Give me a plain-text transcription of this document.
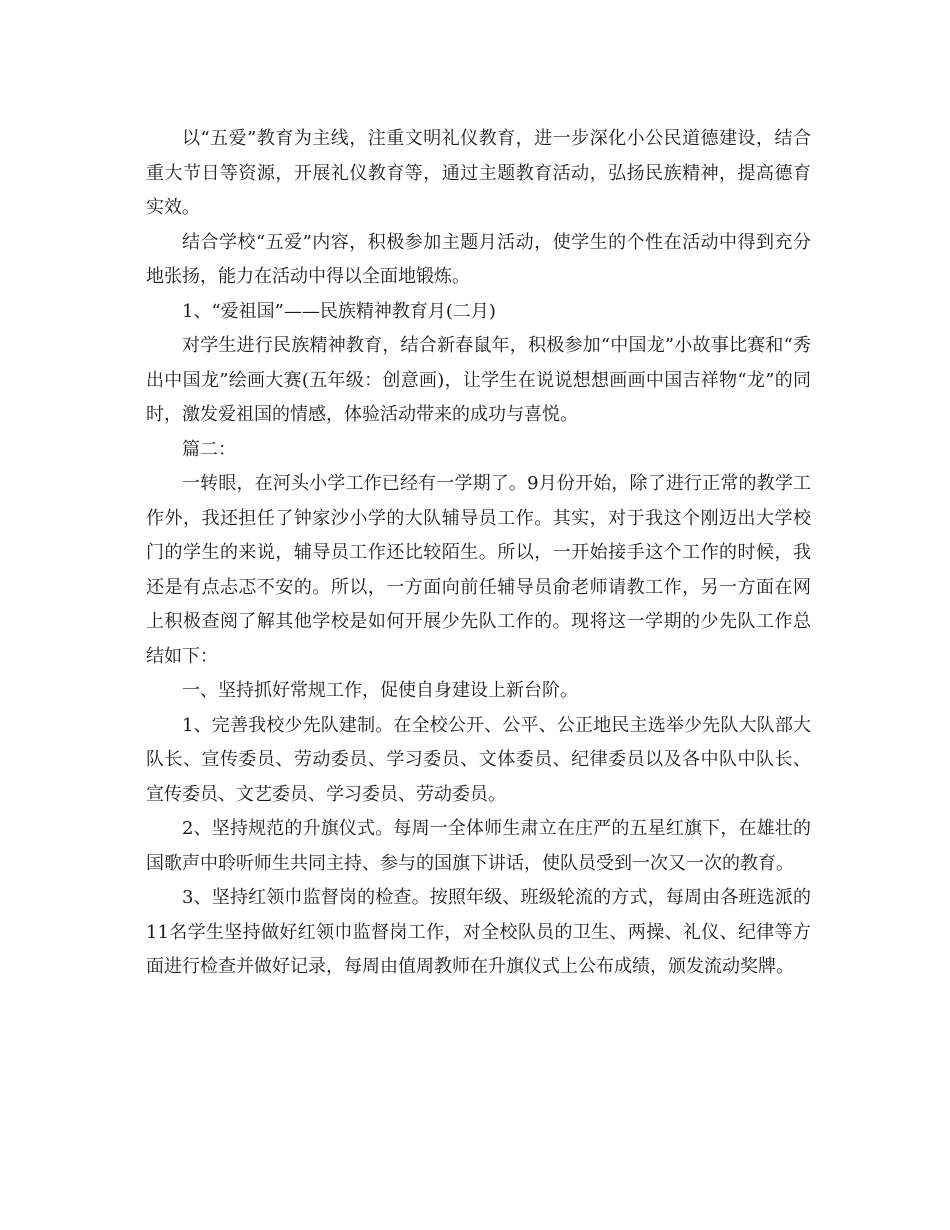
以“五爱”教育为主线，注重文明礼仪教育，进一步深化小公民道德建设，结合重大节日等资源，开展礼仪教育等，通过主题教育活动，弘扬民族精神，提高德育实效。

结合学校“五爱”内容，积极参加主题月活动，使学生的个性在活动中得到充分地张扬，能力在活动中得以全面地锻炼。

1、“爱祖国”——民族精神教育月(二月)

对学生进行民族精神教育，结合新春鼠年，积极参加“中国龙”小故事比赛和“秀出中国龙”绘画大赛(五年级：创意画)，让学生在说说想想画画中国吉祥物“龙”的同时，激发爱祖国的情感，体验活动带来的成功与喜悦。

篇二：

一转眼，在河头小学工作已经有一学期了。9月份开始，除了进行正常的教学工作外，我还担任了钟家沙小学的大队辅导员工作。其实，对于我这个刚迈出大学校门的学生的来说，辅导员工作还比较陌生。所以，一开始接手这个工作的时候，我还是有点忐忑不安的。所以，一方面向前任辅导员俞老师请教工作，另一方面在网上积极查阅了解其他学校是如何开展少先队工作的。现将这一学期的少先队工作总结如下：

一、坚持抓好常规工作，促使自身建设上新台阶。

1、完善我校少先队建制。在全校公开、公平、公正地民主选举少先队大队部大队长、宣传委员、劳动委员、学习委员、文体委员、纪律委员以及各中队中队长、宣传委员、文艺委员、学习委员、劳动委员。

2、坚持规范的升旗仪式。每周一全体师生肃立在庄严的五星红旗下，在雄壮的国歌声中聆听师生共同主持、参与的国旗下讲话，使队员受到一次又一次的教育。

3、坚持红领巾监督岗的检查。按照年级、班级轮流的方式，每周由各班选派的11名学生坚持做好红领巾监督岗工作，对全校队员的卫生、两操、礼仪、纪律等方面进行检查并做好记录，每周由值周教师在升旗仪式上公布成绩，颁发流动奖牌。
